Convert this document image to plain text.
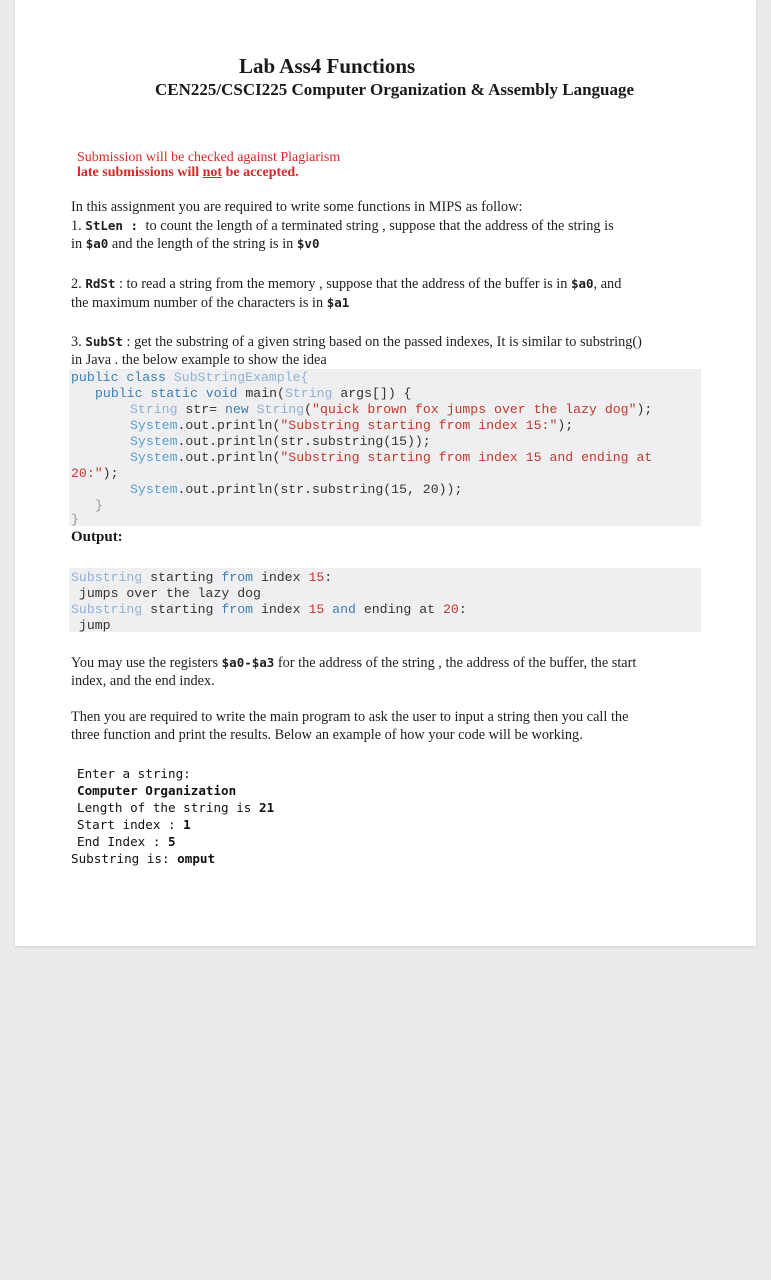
Lab Ass4 Functions
CEN225/CSCI225 Computer Organization & Assembly Language
Submission will be checked against Plagiarism
late submissions will not be accepted.
In this assignment you are required to write some functions in MIPS as follow:
1. StLen : to count the length of a terminated string , suppose that the address of the string is
in $a0 and the length of the string is in $v0
2. RdSt : to read a string from the memory , suppose that the address of the buffer is in $a0, and
the maximum number of the characters is in $a1
3. SubSt : get the substring of a given string based on the passed indexes, It is similar to substring()
in Java . the below example to show the idea
public class SubStringExample{
public static void main(String args[]) {
String str= new String("quick brown fox jumps over the lazy dog");
System.out.println("Substring starting from index 15:");
System.out.println(str.substring(15));
System.out.println("Substring starting from index 15 and ending at
20:");
System.out.println(str.substring(15, 20));
}
}
Output:
Substring starting from index 15:
jumps over the lazy dog
Substring starting from index 15 and ending at 20:
jump
You may use the registers $a0-$a3 for the address of the string , the address of the buffer, the start
index, and the end index.
Then you are required to write the main program to ask the user to input a string then you call the
three function and print the results. Below an example of how your code will be working.
Enter a string:
Computer Organization
Length of the string is 21
Start index : 1
End Index : 5
Substring is: omput
